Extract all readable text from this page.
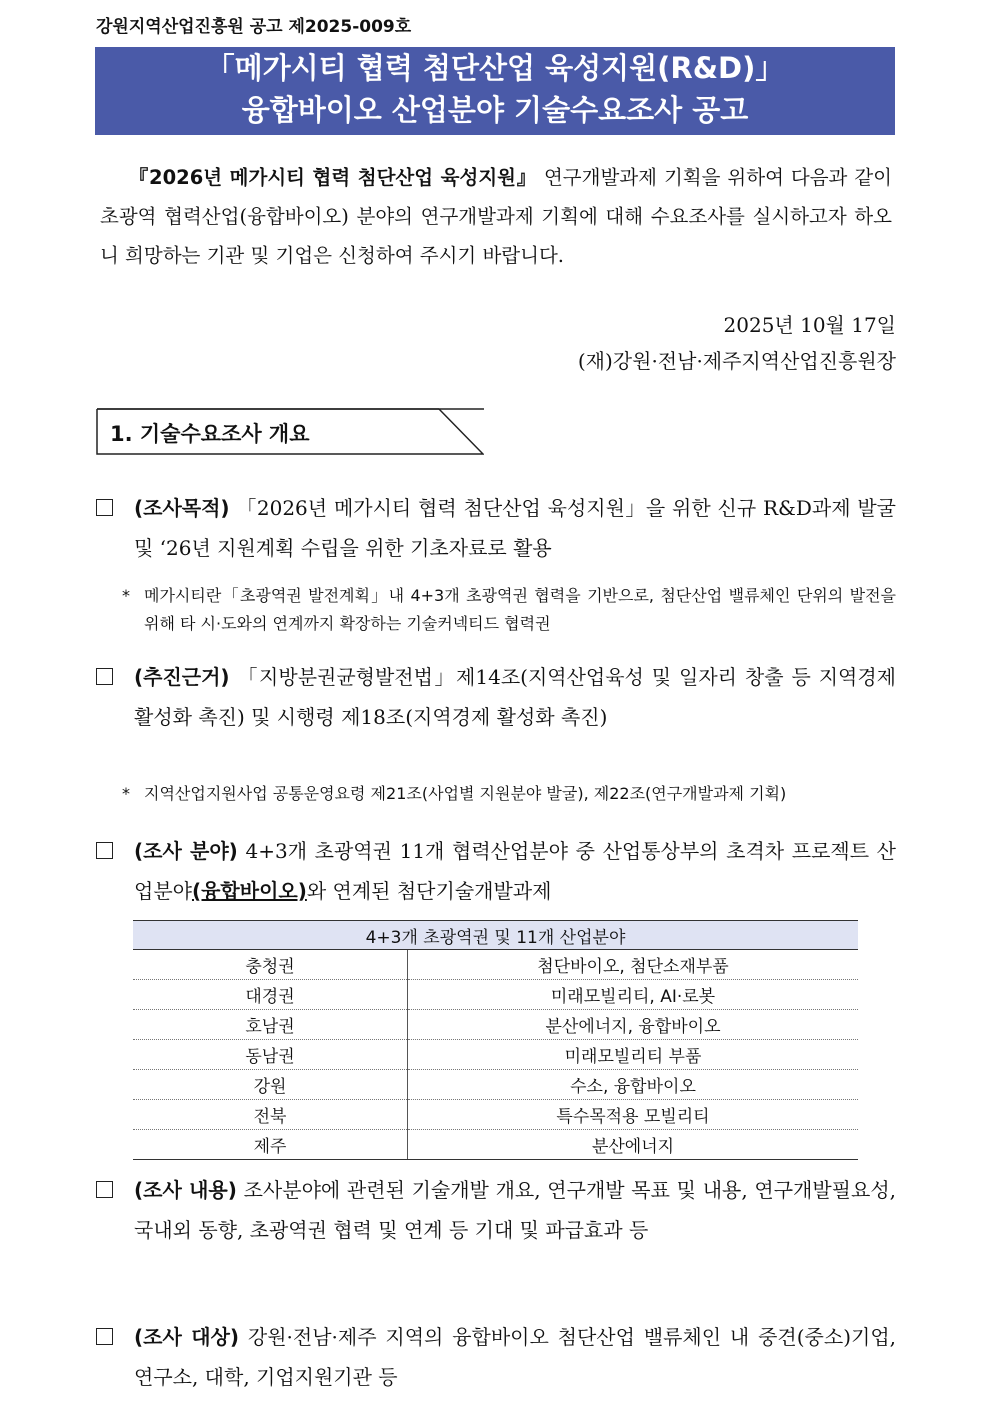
강원지역산업진흥원 공고 제2025-009호
「메가시티 협력 첨단산업 육성지원(R&D)」
융합바이오 산업분야 기술수요조사 공고
『2026년 메가시티 협력 첨단산업 육성지원』 연구개발과제 기획을 위하여 다음과 같이 초광역 협력산업(융합바이오) 분야의 연구개발과제 기획에 대해 수요조사를 실시하고자 하오니 희망하는 기관 및 기업은 신청하여 주시기 바랍니다.
2025년 10월 17일
(재)강원·전남·제주지역산업진흥원장
1. 기술수요조사 개요
(조사목적) 「2026년 메가시티 협력 첨단산업 육성지원」을 위한 신규 R&D과제 발굴 및 ‘26년 지원계획 수립을 위한 기초자료로 활용
* 메가시티란「초광역권 발전계획」내 4+3개 초광역권 협력을 기반으로, 첨단산업 밸류체인 단위의 발전을 위해 타 시·도와의 연계까지 확장하는 기술커넥티드 협력권
(추진근거) 「지방분권균형발전법」제14조(지역산업육성 및 일자리 창출 등 지역경제 활성화 촉진) 및 시행령 제18조(지역경제 활성화 촉진)
* 지역산업지원사업 공통운영요령 제21조(사업별 지원분야 발굴), 제22조(연구개발과제 기획)
(조사 분야) 4+3개 초광역권 11개 협력산업분야 중 산업통상부의 초격차 프로젝트 산업분야(융합바이오)와 연계된 첨단기술개발과제
4+3개 초광역권 및 11개 산업분야	
충청권	첨단바이오, 첨단소재부품
대경권	미래모빌리티, AI·로봇
호남권	분산에너지, 융합바이오
동남권	미래모빌리티 부품
강원	수소, 융합바이오
전북	특수목적용 모빌리티
제주	분산에너지
(조사 내용) 조사분야에 관련된 기술개발 개요, 연구개발 목표 및 내용, 연구개발필요성, 국내외 동향, 초광역권 협력 및 연계 등 기대 및 파급효과 등
(조사 대상) 강원·전남·제주 지역의 융합바이오 첨단산업 밸류체인 내 중견(중소)기업, 연구소, 대학, 기업지원기관 등
